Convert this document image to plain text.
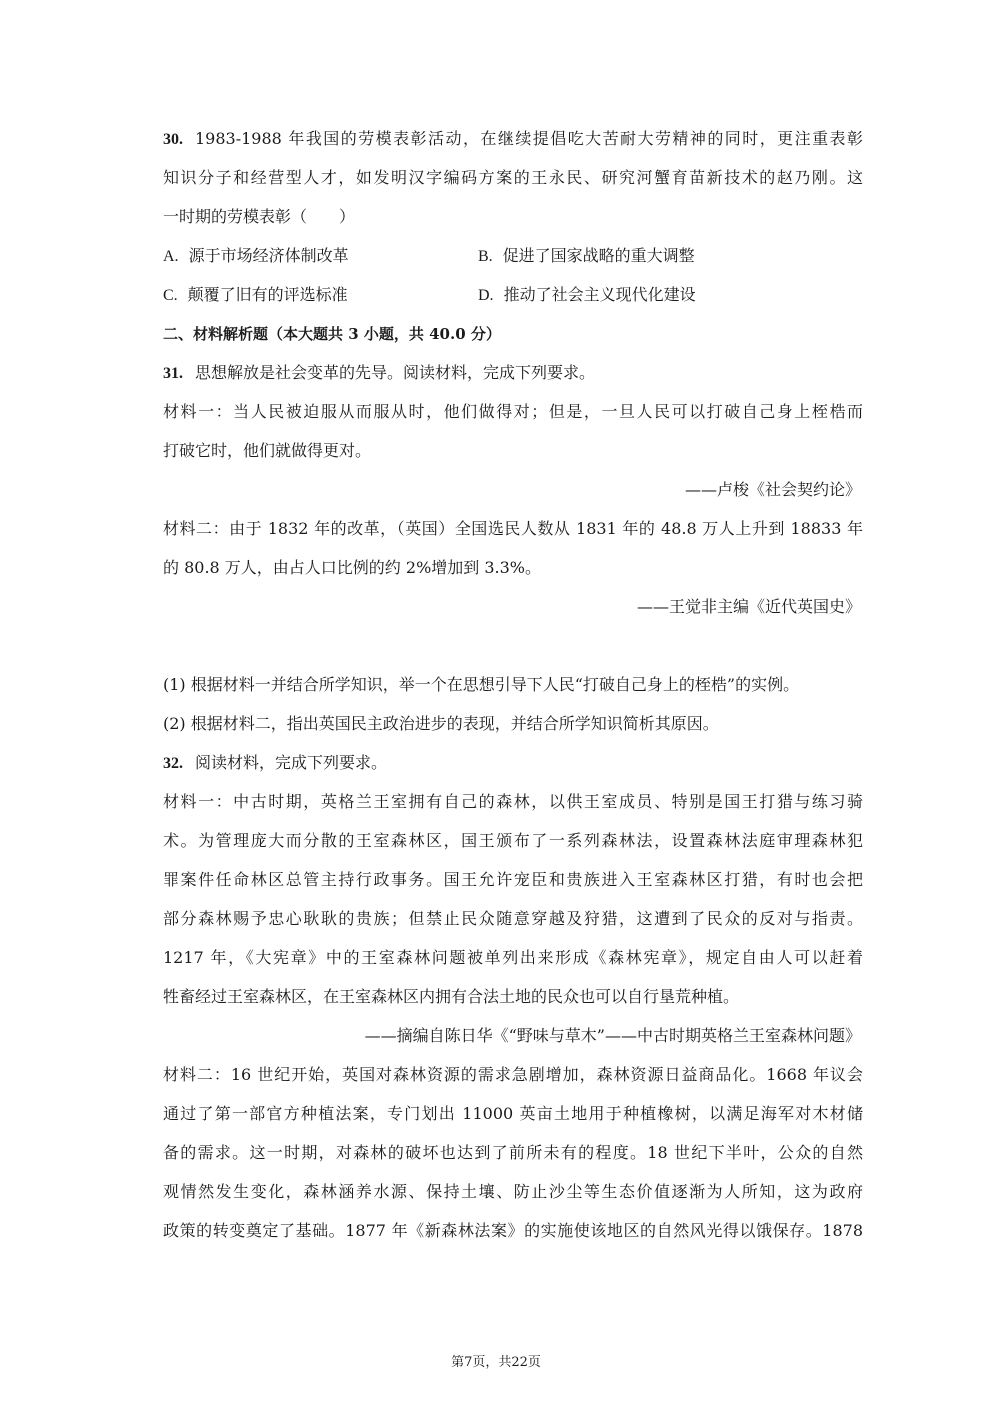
30. 1983-1988 年我国的劳模表彰活动，在继续提倡吃大苦耐大劳精神的同时，更注重表彰
知识分子和经营型人才，如发明汉字编码方案的王永民、研究河蟹育苗新技术的赵乃刚。这
一时期的劳模表彰（　　）
A. 源于市场经济体制改革	B. 促进了国家战略的重大调整
C. 颠覆了旧有的评选标准	D. 推动了社会主义现代化建设
二、材料解析题（本大题共 3 小题，共 40.0 分）
31. 思想解放是社会变革的先导。阅读材料，完成下列要求。
材料一：当人民被迫服从而服从时，他们做得对；但是，一旦人民可以打破自己身上桎梏而
打破它时，他们就做得更对。
——卢梭《社会契约论》
材料二：由于 1832 年的改革，（英国）全国选民人数从 1831 年的 48.8 万人上升到 18833 年
的 80.8 万人，由占人口比例的约 2%增加到 3.3%。
——王觉非主编《近代英国史》
(1) 根据材料一并结合所学知识，举一个在思想引导下人民“打破自己身上的桎梏”的实例。
(2) 根据材料二，指出英国民主政治进步的表现，并结合所学知识简析其原因。
32. 阅读材料，完成下列要求。
材料一：中古时期，英格兰王室拥有自己的森林，以供王室成员、特别是国王打猎与练习骑
术。为管理庞大而分散的王室森林区，国王颁布了一系列森林法，设置森林法庭审理森林犯
罪案件任命林区总管主持行政事务。国王允许宠臣和贵族进入王室森林区打猎，有时也会把
部分森林赐予忠心耿耿的贵族；但禁止民众随意穿越及狩猎，这遭到了民众的反对与指责。
1217 年，《大宪章》中的王室森林问题被单列出来形成《森林宪章》，规定自由人可以赶着
牲畜经过王室森林区，在王室森林区内拥有合法土地的民众也可以自行垦荒种植。
——摘编自陈日华《“野味与草木”——中古时期英格兰王室森林问题》
材料二：16 世纪开始，英国对森林资源的需求急剧增加，森林资源日益商品化。1668 年议会
通过了第一部官方种植法案，专门划出 11000 英亩土地用于种植橡树，以满足海军对木材储
备的需求。这一时期，对森林的破坏也达到了前所未有的程度。18 世纪下半叶，公众的自然
观情然发生变化，森林涵养水源、保持土壤、防止沙尘等生态价值逐渐为人所知，这为政府
政策的转变奠定了基础。1877 年《新森林法案》的实施使该地区的自然风光得以饿保存。1878
第7页，共22页
